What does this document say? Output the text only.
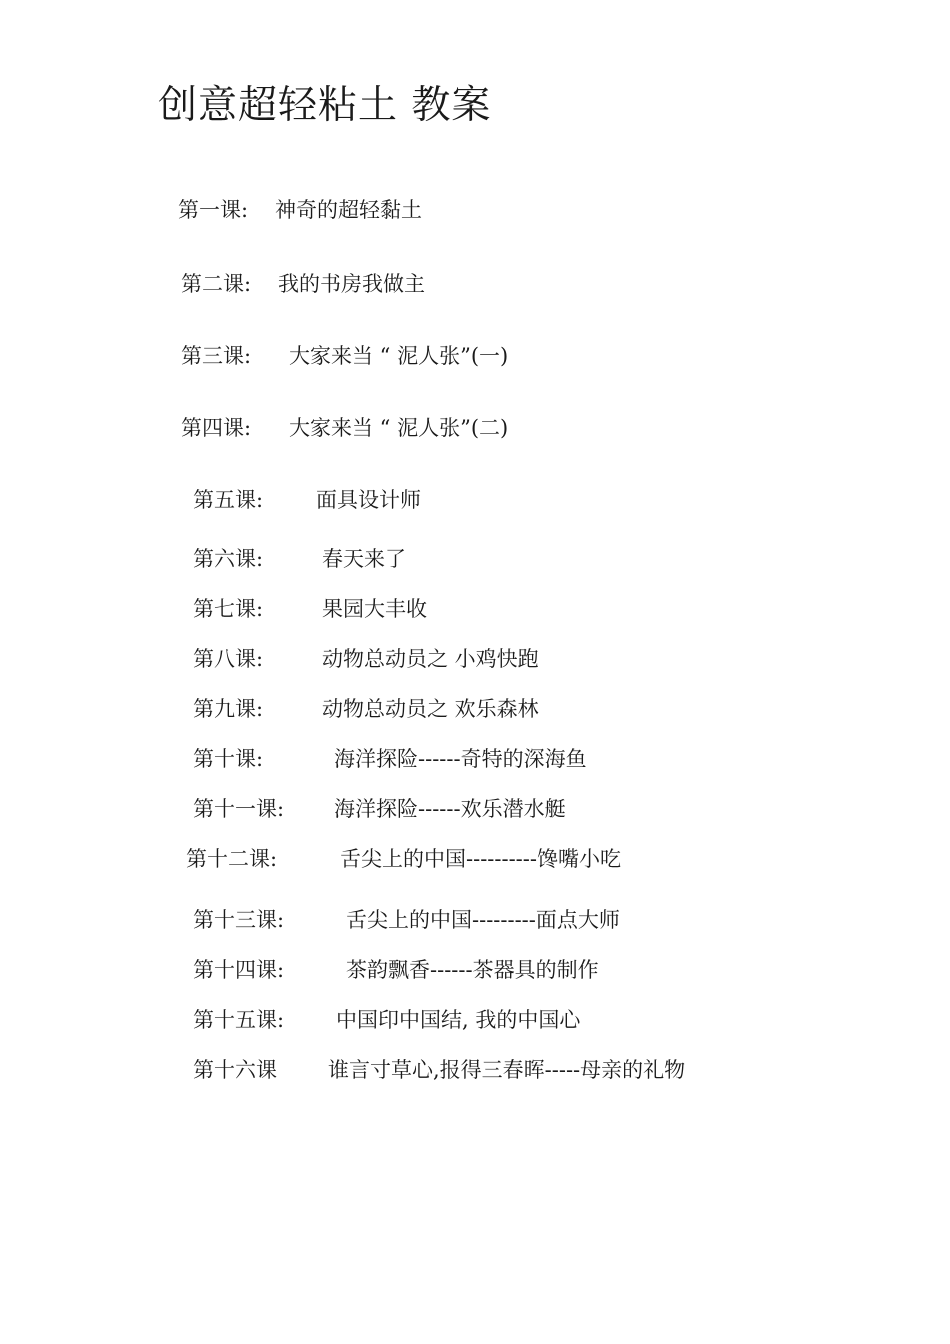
创意超轻粘土 教案
第一课: 神奇的超轻黏土
第二课: 我的书房我做主
第三课: 大家来当 “ 泥人张”(一)
第四课: 大家来当 “ 泥人张”(二)
第五课:	面具设计师
第六课:	春天来了
第七课:	果园大丰收
第八课:	动物总动员之 小鸡快跑
第九课:	动物总动员之 欢乐森林
第十课:	海洋探险------奇特的深海鱼
第十一课: 海洋探险------欢乐潜水艇
第十二课:	舌尖上的中国----------馋嘴小吃
第十三课:	舌尖上的中国---------面点大师
第十四课:	茶韵飘香------茶器具的制作
第十五课: 中国印中国结, 我的中国心
第十六课 谁言寸草心,报得三春晖-----母亲的礼物
